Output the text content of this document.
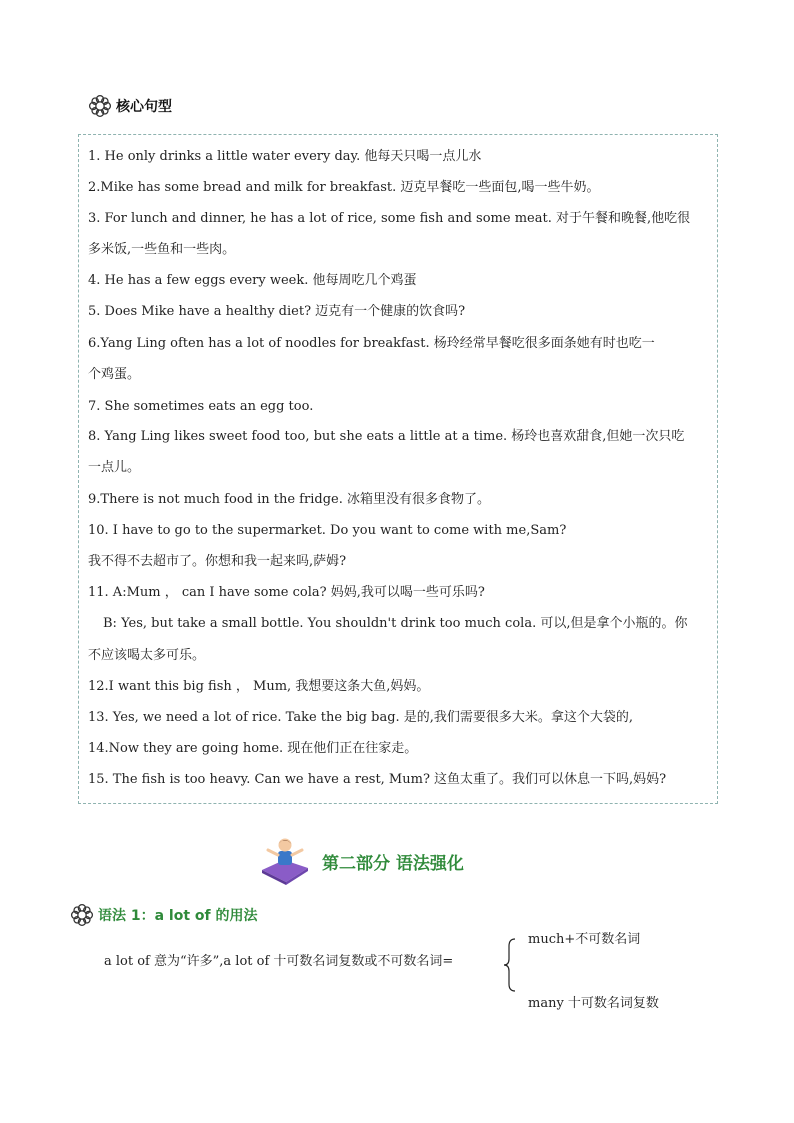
核心句型
1. He only drinks a little water every day. 他每天只喝一点儿水
2.Mike has some bread and milk for breakfast. 迈克早餐吃一些面包,喝一些牛奶。
3. For lunch and dinner, he has a lot of rice, some fish and some meat. 对于午餐和晚餐,他吃很
多米饭,一些鱼和一些肉。
4. He has a few eggs every week. 他每周吃几个鸡蛋
5. Does Mike have a healthy diet? 迈克有一个健康的饮食吗?
6.Yang Ling often has a lot of noodles for breakfast. 杨玲经常早餐吃很多面条她有时也吃一
个鸡蛋。
7. She sometimes eats an egg too.
8. Yang Ling likes sweet food too, but she eats a little at a time. 杨玲也喜欢甜食,但她一次只吃
一点儿。
9.There is not much food in the fridge. 冰箱里没有很多食物了。
10. I have to go to the supermarket. Do you want to come with me,Sam?
我不得不去超市了。你想和我一起来吗,萨姆?
11. A:Mum ， can I have some cola? 妈妈,我可以喝一些可乐吗?
B: Yes, but take a small bottle. You shouldn't drink too much cola. 可以,但是拿个小瓶的。你
不应该喝太多可乐。
12.I want this big fish ， Mum, 我想要这条大鱼,妈妈。
13. Yes, we need a lot of rice. Take the big bag. 是的,我们需要很多大米。拿这个大袋的,
14.Now they are going home. 现在他们正在往家走。
15. The fish is too heavy. Can we have a rest, Mum? 这鱼太重了。我们可以休息一下吗,妈妈?
第二部分 语法强化
语法 1：a lot of 的用法
a lot of 意为“许多”,a lot of 十可数名词复数或不可数名词=
much+不可数名词
many 十可数名词复数
